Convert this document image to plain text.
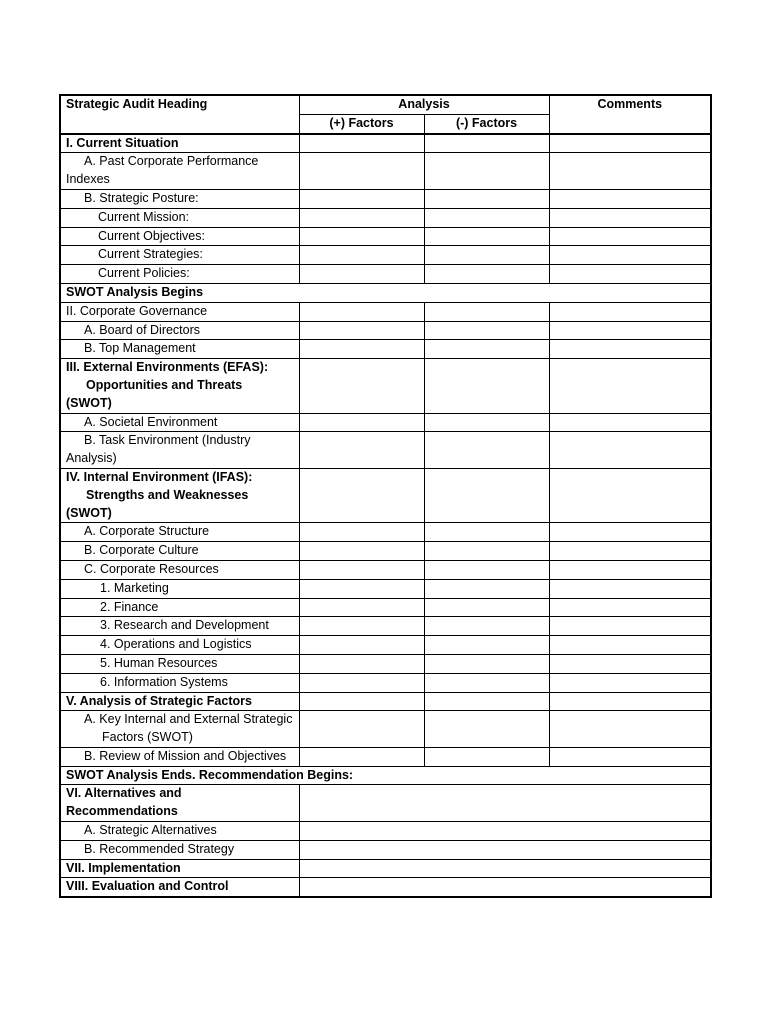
Strategic Audit Heading	Analysis		Comments
	(+) Factors	(-) Factors	
I. Current Situation			
A. Past Corporate Performance Indexes			
B. Strategic Posture:			
Current Mission:			
Current Objectives:			
Current Strategies:			
Current Policies:			
SWOT Analysis Begins			
II. Corporate Governance			
A. Board of Directors			
B. Top Management			

III. External Environments (EFAS):
Opportunities and Threats
(SWOT)			

A. Societal Environment			
B. Task Environment (Industry Analysis)			

IV. Internal Environment (IFAS):
Strengths and Weaknesses
(SWOT)			

A. Corporate Structure			
B. Corporate Culture			
C. Corporate Resources			
1. Marketing			
2. Finance			
3. Research and Development			
4. Operations and Logistics			
5. Human Resources			
6. Information Systems			
V. Analysis of Strategic Factors			

A. Key Internal and External Strategic
Factors (SWOT)			

B. Review of Mission and Objectives			
SWOT Analysis Ends. Recommendation Begins:			
VI. Alternatives and Recommendations			
A. Strategic Alternatives			
B. Recommended Strategy			
VII. Implementation			
VIII. Evaluation and Control			
